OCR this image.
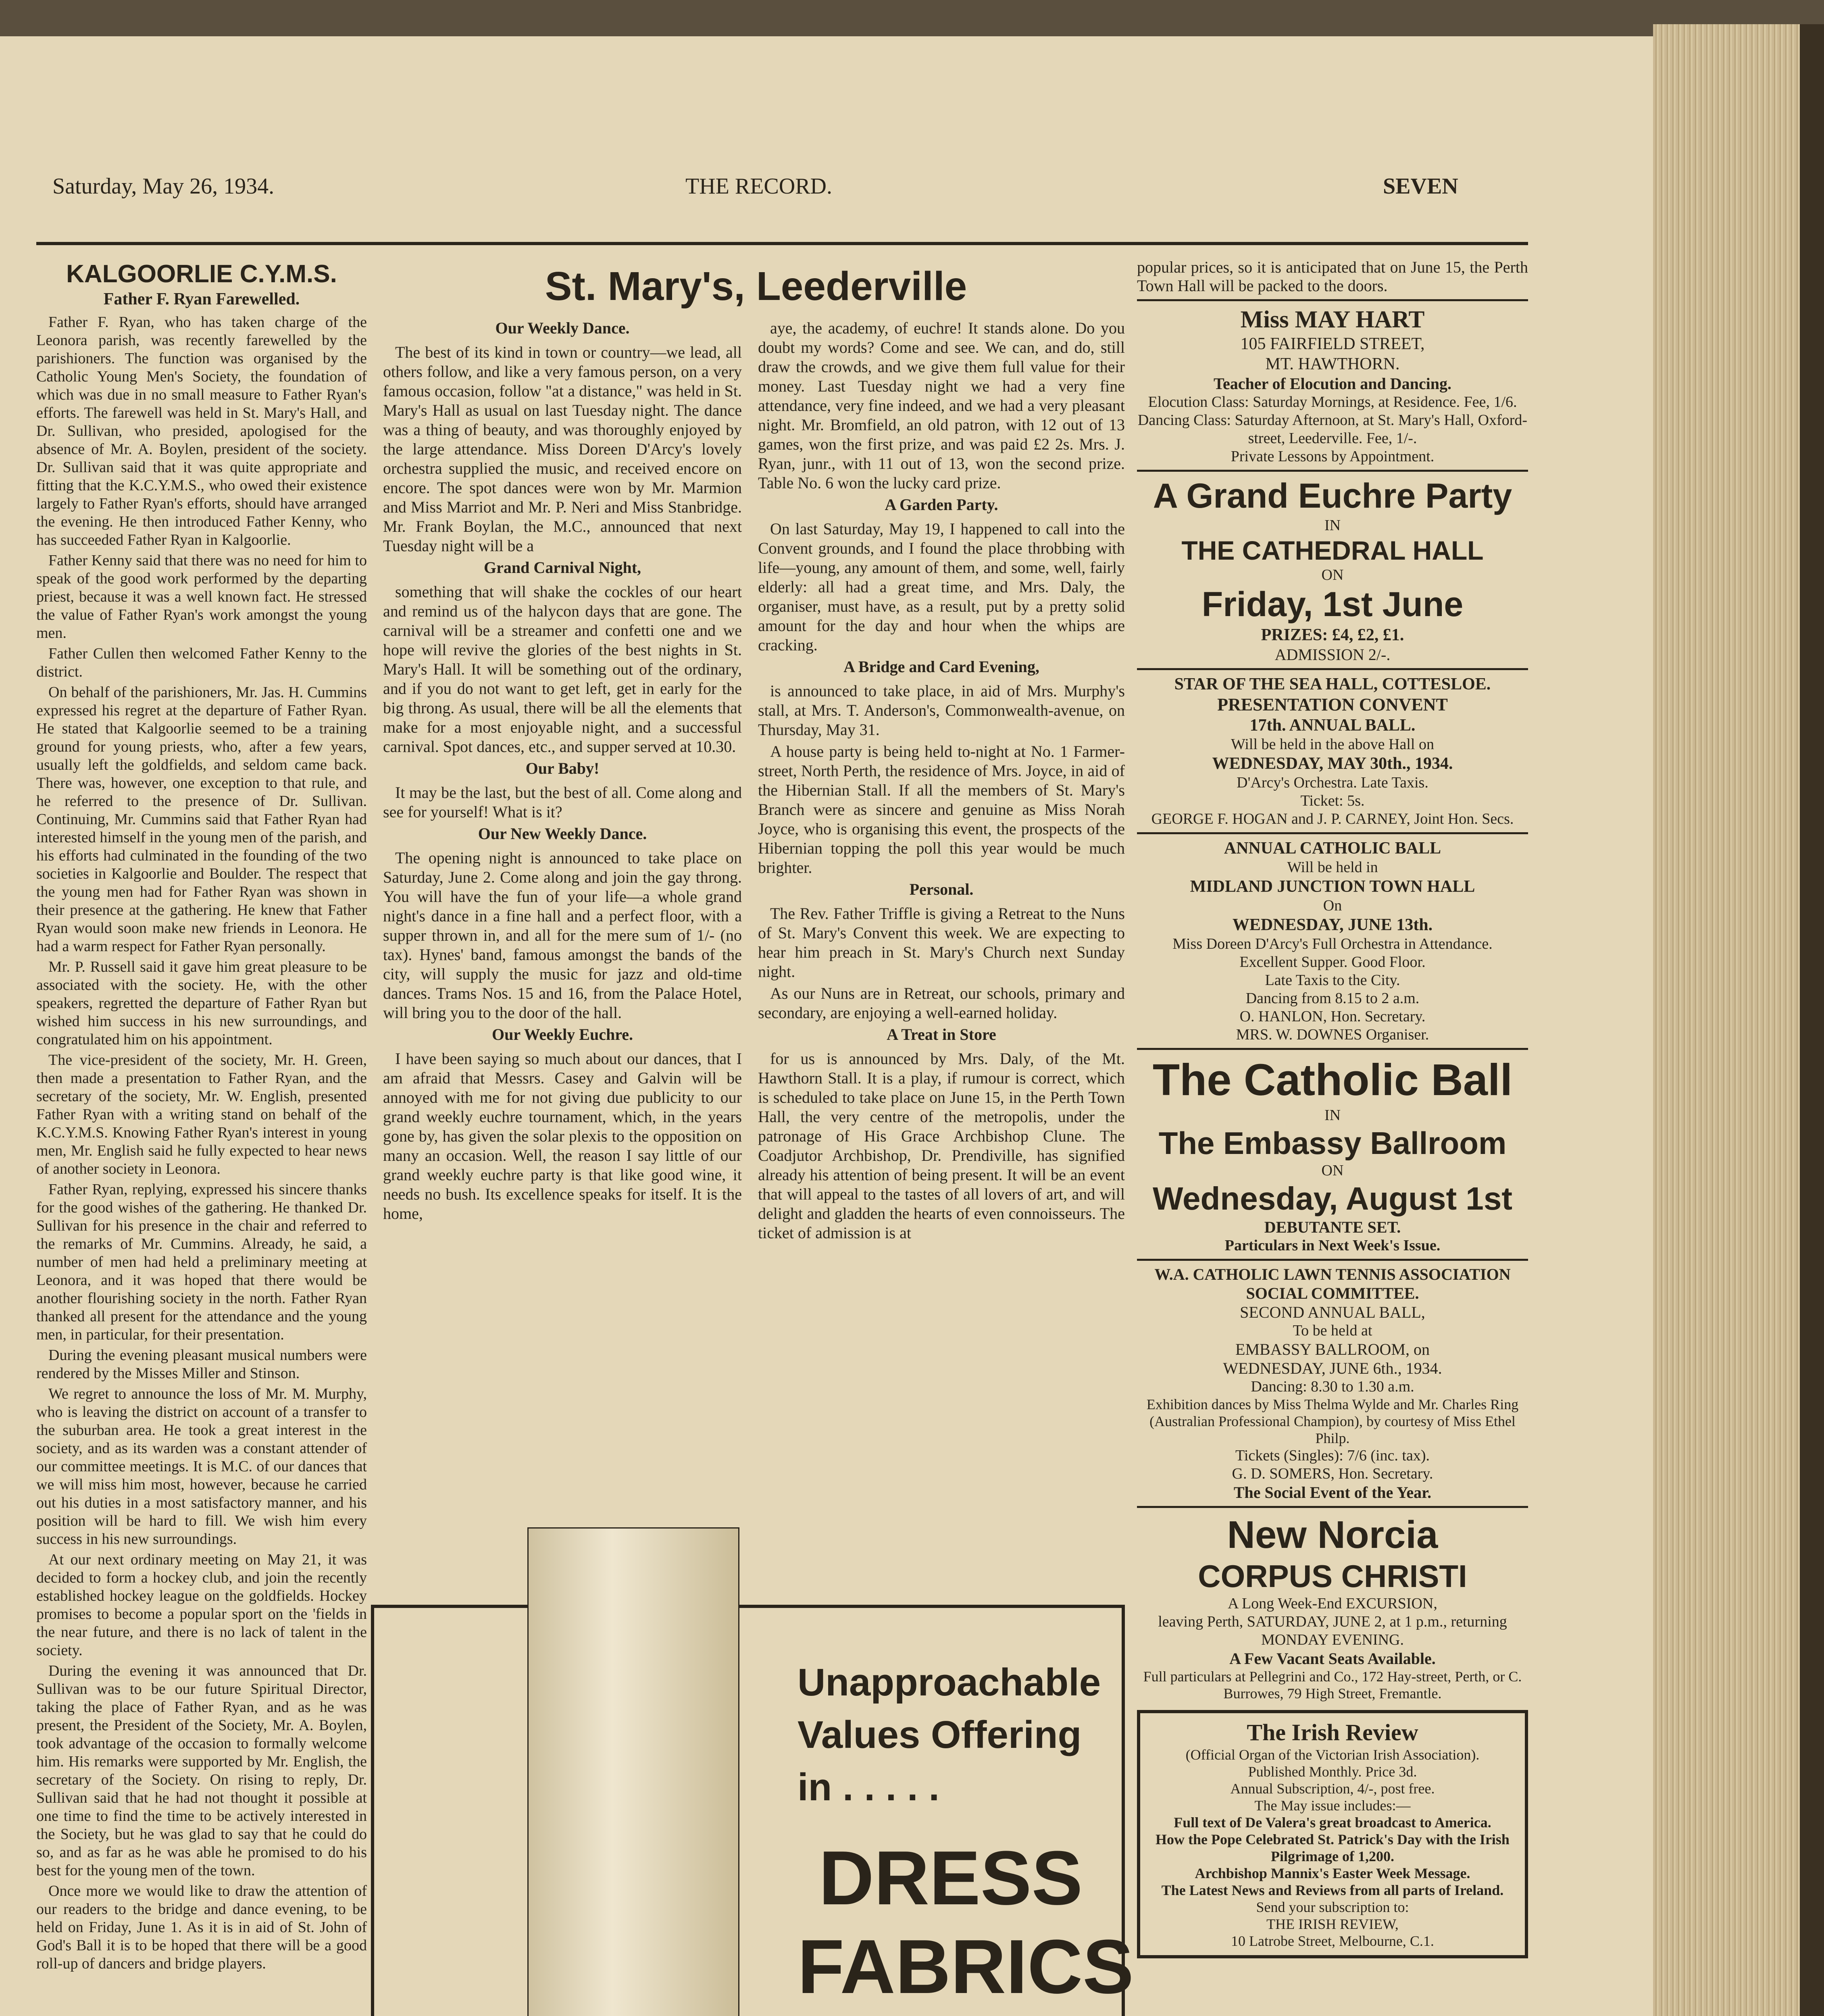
Saturday, May 26, 1934.	THE RECORD.	SEVEN
KALGOORLIE C.Y.M.S.
Father F. Ryan Farewelled.

Father F. Ryan, who has taken charge of the Leonora parish, was recently farewelled by the parishioners. The function was organised by the Catholic Young Men's Society, the foundation of which was due in no small measure to Father Ryan's efforts. The farewell was held in St. Mary's Hall, and Dr. Sullivan, who presided, apologised for the absence of Mr. A. Boylen, president of the society. Dr. Sullivan said that it was quite appropriate and fitting that the K.C.Y.M.S., who owed their existence largely to Father Ryan's efforts, should have arranged the evening. He then introduced Father Kenny, who has succeeded Father Ryan in Kalgoorlie.

Father Kenny said that there was no need for him to speak of the good work performed by the departing priest, because it was a well known fact. He stressed the value of Father Ryan's work amongst the young men.

Father Cullen then welcomed Father Kenny to the district.

On behalf of the parishioners, Mr. Jas. H. Cummins expressed his regret at the departure of Father Ryan. He stated that Kalgoorlie seemed to be a training ground for young priests, who, after a few years, usually left the goldfields, and seldom came back. There was, however, one exception to that rule, and he referred to the presence of Dr. Sullivan. Continuing, Mr. Cummins said that Father Ryan had interested himself in the young men of the parish, and his efforts had culminated in the founding of the two societies in Kalgoorlie and Boulder. The respect that the young men had for Father Ryan was shown in their presence at the gathering. He knew that Father Ryan would soon make new friends in Leonora. He had a warm respect for Father Ryan personally.

Mr. P. Russell said it gave him great pleasure to be associated with the society. He, with the other speakers, regretted the departure of Father Ryan but wished him success in his new surroundings, and congratulated him on his appointment.

The vice-president of the society, Mr. H. Green, then made a presentation to Father Ryan, and the secretary of the society, Mr. W. English, presented Father Ryan with a writing stand on behalf of the K.C.Y.M.S. Knowing Father Ryan's interest in young men, Mr. English said he fully expected to hear news of another society in Leonora.

Father Ryan, replying, expressed his sincere thanks for the good wishes of the gathering. He thanked Dr. Sullivan for his presence in the chair and referred to the remarks of Mr. Cummins. Already, he said, a number of men had held a preliminary meeting at Leonora, and it was hoped that there would be another flourishing society in the north. Father Ryan thanked all present for the attendance and the young men, in particular, for their presentation.

During the evening pleasant musical numbers were rendered by the Misses Miller and Stinson.

We regret to announce the loss of Mr. M. Murphy, who is leaving the district on account of a transfer to the suburban area. He took a great interest in the society, and as its warden was a constant attender of our committee meetings. It is M.C. of our dances that we will miss him most, however, because he carried out his duties in a most satisfactory manner, and his position will be hard to fill. We wish him every success in his new surroundings.

At our next ordinary meeting on May 21, it was decided to form a hockey club, and join the recently established hockey league on the goldfields. Hockey promises to become a popular sport on the 'fields in the near future, and there is no lack of talent in the society.

During the evening it was announced that Dr. Sullivan was to be our future Spiritual Director, taking the place of Father Ryan, and as he was present, the President of the Society, Mr. A. Boylen, took advantage of the occasion to formally welcome him. His remarks were supported by Mr. English, the secretary of the Society. On rising to reply, Dr. Sullivan said that he had not thought it possible at one time to find the time to be actively interested in the Society, but he was glad to say that he could do so, and as far as he was able he promised to do his best for the young men of the town.

Once more we would like to draw the attention of our readers to the bridge and dance evening, to be held on Friday, June 1. As it is in aid of St. John of God's Ball it is to be hoped that there will be a good roll-up of dancers and bridge players.

St. Mary's, Leederville
Our Weekly Dance.

The best of its kind in town or country—we lead, all others follow, and like a very famous person, on a very famous occasion, follow "at a distance," was held in St. Mary's Hall as usual on last Tuesday night. The dance was a thing of beauty, and was thoroughly enjoyed by the large attendance. Miss Doreen D'Arcy's lovely orchestra supplied the music, and received encore on encore. The spot dances were won by Mr. Marmion and Miss Marriot and Mr. P. Neri and Miss Stanbridge. Mr. Frank Boylan, the M.C., announced that next Tuesday night will be a

Grand Carnival Night,

something that will shake the cockles of our heart and remind us of the halycon days that are gone. The carnival will be a streamer and confetti one and we hope will revive the glories of the best nights in St. Mary's Hall. It will be something out of the ordinary, and if you do not want to get left, get in early for the big throng. As usual, there will be all the elements that make for a most enjoyable night, and a successful carnival. Spot dances, etc., and supper served at 10.30.

Our Baby!

It may be the last, but the best of all. Come along and see for yourself! What is it?

Our New Weekly Dance.

The opening night is announced to take place on Saturday, June 2. Come along and join the gay throng. You will have the fun of your life—a whole grand night's dance in a fine hall and a perfect floor, with a supper thrown in, and all for the mere sum of 1/- (no tax). Hynes' band, famous amongst the bands of the city, will supply the music for jazz and old-time dances. Trams Nos. 15 and 16, from the Palace Hotel, will bring you to the door of the hall.

Our Weekly Euchre.

I have been saying so much about our dances, that I am afraid that Messrs. Casey and Galvin will be annoyed with me for not giving due publicity to our grand weekly euchre tournament, which, in the years gone by, has given the solar plexis to the opposition on many an occasion. Well, the reason I say little of our grand weekly euchre party is that like good wine, it needs no bush. Its excellence speaks for itself. It is the home,

aye, the academy, of euchre! It stands alone. Do you doubt my words? Come and see. We can, and do, still draw the crowds, and we give them full value for their money. Last Tuesday night we had a very fine attendance, very fine indeed, and we had a very pleasant night. Mr. Bromfield, an old patron, with 12 out of 13 games, won the first prize, and was paid £2 2s. Mrs. J. Ryan, junr., with 11 out of 13, won the second prize. Table No. 6 won the lucky card prize.

A Garden Party.

On last Saturday, May 19, I happened to call into the Convent grounds, and I found the place throbbing with life—young, any amount of them, and some, well, fairly elderly: all had a great time, and Mrs. Daly, the organiser, must have, as a result, put by a pretty solid amount for the day and hour when the whips are cracking.

A Bridge and Card Evening,

is announced to take place, in aid of Mrs. Murphy's stall, at Mrs. T. Anderson's, Commonwealth-avenue, on Thursday, May 31.

A house party is being held to-night at No. 1 Farmer-street, North Perth, the residence of Mrs. Joyce, in aid of the Hibernian Stall. If all the members of St. Mary's Branch were as sincere and genuine as Miss Norah Joyce, who is organising this event, the prospects of the Hibernian topping the poll this year would be much brighter.

Personal.

The Rev. Father Triffle is giving a Retreat to the Nuns of St. Mary's Convent this week. We are expecting to hear him preach in St. Mary's Church next Sunday night.

As our Nuns are in Retreat, our schools, primary and secondary, are enjoying a well-earned holiday.

A Treat in Store

for us is announced by Mrs. Daly, of the Mt. Hawthorn Stall. It is a play, if rumour is correct, which is scheduled to take place on June 15, in the Perth Town Hall, the very centre of the metropolis, under the patronage of His Grace Archbishop Clune. The Coadjutor Archbishop, Dr. Prendiville, has signified already his attention of being present. It will be an event that will appeal to the tastes of all lovers of art, and will delight and gladden the hearts of even connoisseurs. The ticket of admission is at

Unapproachable
Values Offering
in . . . . .
DRESS
FABRICS
popular prices, so it is anticipated that on June 15, the Perth Town Hall will be packed to the doors.
Miss MAY HART
105 FAIRFIELD STREET,
MT. HAWTHORN.
Teacher of Elocution and Dancing.
Elocution Class: Saturday Mornings, at Residence. Fee, 1/6.
Dancing Class: Saturday Afternoon, at St. Mary's Hall, Oxford-street, Leederville. Fee, 1/-.
Private Lessons by Appointment.
A Grand Euchre Party
IN
THE CATHEDRAL HALL
ON
Friday, 1st June
PRIZES: £4, £2, £1.
ADMISSION 2/-.
STAR OF THE SEA HALL, COTTESLOE.
PRESENTATION CONVENT
17th. ANNUAL BALL.
Will be held in the above Hall on
WEDNESDAY, MAY 30th., 1934.
D'Arcy's Orchestra. Late Taxis.
Ticket: 5s.
GEORGE F. HOGAN and J. P. CARNEY, Joint Hon. Secs.
ANNUAL CATHOLIC BALL
Will be held in
MIDLAND JUNCTION TOWN HALL
On
WEDNESDAY, JUNE 13th.
Miss Doreen D'Arcy's Full Orchestra in Attendance.
Excellent Supper. Good Floor.
Late Taxis to the City.
Dancing from 8.15 to 2 a.m.
O. HANLON, Hon. Secretary.
MRS. W. DOWNES Organiser.
The Catholic Ball
IN
The Embassy Ballroom
ON
Wednesday, August 1st
DEBUTANTE SET.
Particulars in Next Week's Issue.
W.A. CATHOLIC LAWN TENNIS ASSOCIATION
SOCIAL COMMITTEE.
SECOND ANNUAL BALL,
To be held at
EMBASSY BALLROOM, on
WEDNESDAY, JUNE 6th., 1934.
Dancing: 8.30 to 1.30 a.m.
Exhibition dances by Miss Thelma Wylde and Mr. Charles Ring (Australian Professional Champion), by courtesy of Miss Ethel Philp.
Tickets (Singles): 7/6 (inc. tax).
G. D. SOMERS, Hon. Secretary.
The Social Event of the Year.
New Norcia
CORPUS CHRISTI
A Long Week-End EXCURSION,
leaving Perth, SATURDAY, JUNE 2, at 1 p.m., returning MONDAY EVENING.
A Few Vacant Seats Available.
Full particulars at Pellegrini and Co., 172 Hay-street, Perth, or C. Burrowes, 79 High Street, Fremantle.
The Irish Review
(Official Organ of the Victorian Irish Association).
Published Monthly. Price 3d.
Annual Subscription, 4/-, post free.
The May issue includes:—
Full text of De Valera's great broadcast to America.
How the Pope Celebrated St. Patrick's Day with the Irish Pilgrimage of 1,200.
Archbishop Mannix's Easter Week Message.
The Latest News and Reviews from all parts of Ireland.
Send your subscription to:
THE IRISH REVIEW,
10 Latrobe Street, Melbourne, C.1.
